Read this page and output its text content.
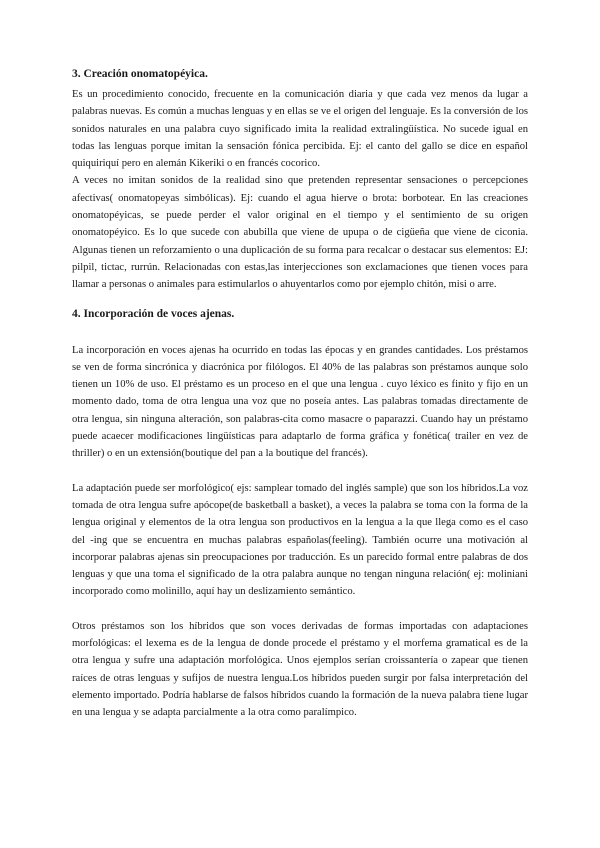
3. Creación onomatopéyica.

Es un procedimiento conocido, frecuente en la comunicación diaria y que cada vez menos da lugar a palabras nuevas. Es común a muchas lenguas y en ellas se ve el origen del lenguaje. Es la conversión de los sonidos naturales en una palabra cuyo significado imita la realidad extralingüística. No sucede igual en todas las lenguas porque imitan la sensación fónica percibida. Ej: el canto del gallo se dice en español quiquiriquí pero en alemán Kikeriki o en francés cocorico.

A veces no imitan sonidos de la realidad sino que pretenden representar sensaciones o percepciones afectivas( onomatopeyas simbólicas). Ej: cuando el agua hierve o brota: borbotear. En las creaciones onomatopéyicas, se puede perder el valor original en el tiempo y el sentimiento de su origen onomatopéyico. Es lo que sucede con abubilla que viene de upupa o de cigüeña que viene de ciconia. Algunas tienen un reforzamiento o una duplicación de su forma para recalcar o destacar sus elementos: EJ: pilpil, tictac, rurrún. Relacionadas con estas,las interjecciones son exclamaciones que tienen voces para llamar a personas o animales para estimularlos o ahuyentarlos como por ejemplo chitón, misi o arre.

4. Incorporación de voces ajenas.

La incorporación en voces ajenas ha ocurrido en todas las épocas y en grandes cantidades. Los préstamos se ven de forma sincrónica y diacrónica por filólogos. El 40% de las palabras son préstamos aunque solo tienen un 10% de uso. El préstamo es un proceso en el que una lengua . cuyo léxico es finito y fijo en un momento dado, toma de otra lengua una voz que no poseía antes. Las palabras tomadas directamente de otra lengua, sin ninguna alteración, son palabras-cita como masacre o paparazzi. Cuando hay un préstamo puede acaecer modificaciones lingüísticas para adaptarlo de forma gráfica y fonética( trailer en vez de thriller) o en un extensión(boutique del pan a la boutique del francés).

La adaptación puede ser morfológico( ejs: samplear tomado del inglés sample) que son los híbridos.La voz tomada de otra lengua sufre apócope(de basketball a basket), a veces la palabra se toma con la forma de la lengua original y elementos de la otra lengua son productivos en la lengua a la que llega como es el caso del -ing que se encuentra en muchas palabras españolas(feeling). También ocurre una motivación al incorporar palabras ajenas sin preocupaciones por traducción. Es un parecido formal entre palabras de dos lenguas y que una toma el significado de la otra palabra aunque no tengan ninguna relación( ej: moliniani incorporado como molinillo, aquí hay un deslizamiento semántico.

Otros préstamos son los híbridos que son voces derivadas de formas importadas con adaptaciones morfológicas: el lexema es de la lengua de donde procede el préstamo y el morfema gramatical es de la otra lengua y sufre una adaptación morfológica. Unos ejemplos serían croissantería o zapear que tienen raíces de otras lenguas y sufijos de nuestra lengua.Los híbridos pueden surgir por falsa interpretación del elemento importado. Podría hablarse de falsos híbridos cuando la formación de la nueva palabra tiene lugar en una lengua y se adapta parcialmente a la otra como paralímpico.
